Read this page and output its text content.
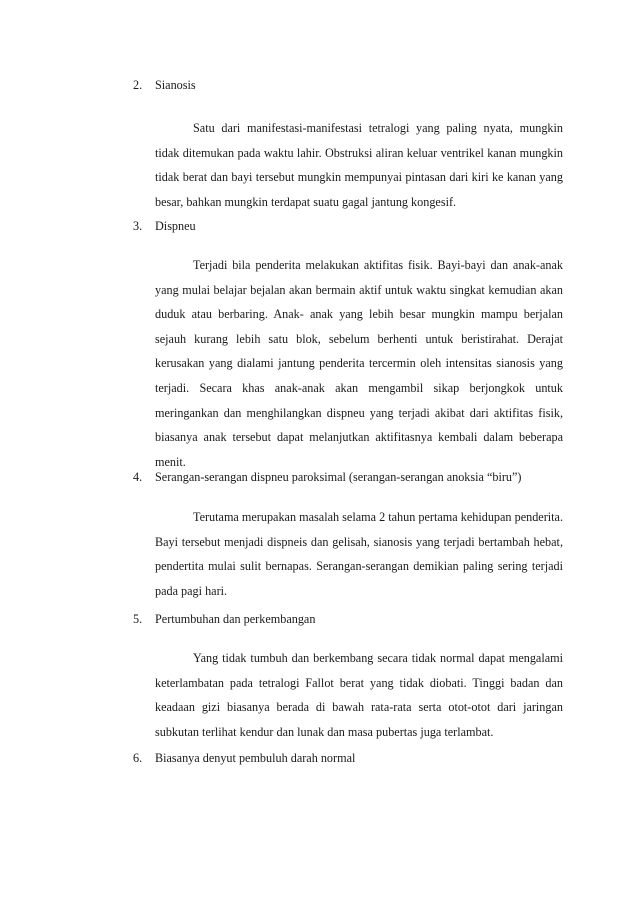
2. Sianosis

Satu dari manifestasi-manifestasi tetralogi yang paling nyata, mungkin tidak ditemukan pada waktu lahir. Obstruksi aliran keluar ventrikel kanan mungkin tidak berat dan bayi tersebut mungkin mempunyai pintasan dari kiri ke kanan yang besar, bahkan mungkin terdapat suatu gagal jantung kongesif.

3. Dispneu

Terjadi bila penderita melakukan aktifitas fisik. Bayi-bayi dan anak-anak yang mulai belajar bejalan akan bermain aktif untuk waktu singkat kemudian akan duduk atau berbaring. Anak- anak yang lebih besar mungkin mampu berjalan sejauh kurang lebih satu blok, sebelum berhenti untuk beristirahat. Derajat kerusakan yang dialami jantung penderita tercermin oleh intensitas sianosis yang terjadi. Secara khas anak-anak akan mengambil sikap berjongkok untuk meringankan dan menghilangkan dispneu yang terjadi akibat dari aktifitas fisik, biasanya anak tersebut dapat melanjutkan aktifitasnya kembali dalam beberapa menit.

4. Serangan-serangan dispneu paroksimal (serangan-serangan anoksia “biru”)

Terutama merupakan masalah selama 2 tahun pertama kehidupan penderita. Bayi tersebut menjadi dispneis dan gelisah, sianosis yang terjadi bertambah hebat, pendertita mulai sulit bernapas. Serangan-serangan demikian paling sering terjadi pada pagi hari.

5. Pertumbuhan dan perkembangan

Yang tidak tumbuh dan berkembang secara tidak normal dapat mengalami keterlambatan pada tetralogi Fallot berat yang tidak diobati. Tinggi badan dan keadaan gizi biasanya berada di bawah rata-rata serta otot-otot dari jaringan subkutan terlihat kendur dan lunak dan masa pubertas juga terlambat.

6. Biasanya denyut pembuluh darah normal
